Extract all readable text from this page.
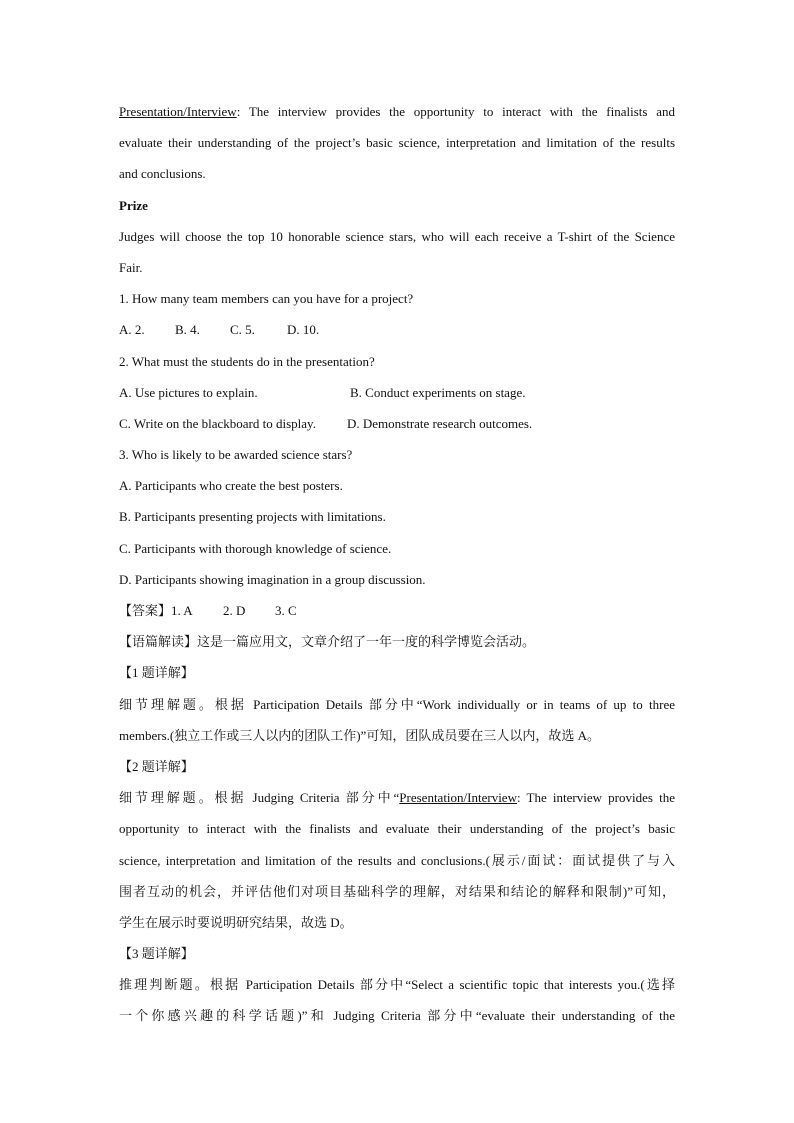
Presentation/Interview: The interview provides the opportunity to interact with the finalists and
evaluate their understanding of the project’s basic science, interpretation and limitation of the results
and conclusions.
Prize
Judges will choose the top 10 honorable science stars, who will each receive a T-shirt of the Science
Fair.
1. How many team members can you have for a project?
A. 2. B. 4. C. 5. D. 10.
2. What must the students do in the presentation?
A. Use pictures to explain.	B. Conduct experiments on stage.
C. Write on the blackboard to display. D. Demonstrate research outcomes.
3. Who is likely to be awarded science stars?
A. Participants who create the best posters.
B. Participants presenting projects with limitations.
C. Participants with thorough knowledge of science.
D. Participants showing imagination in a group discussion.
【答案】1. A 2. D 3. C
【语篇解读】这是一篇应用文，文章介绍了一年一度的科学博览会活动。
【1 题详解】
细节理解题。根据 Participation Details 部分中“Work individually or in teams of up to three
members.(独立工作或三人以内的团队工作)”可知，团队成员要在三人以内，故选 A。
【2 题详解】
细节理解题。根据 Judging Criteria 部分中“Presentation/Interview: The interview provides the
opportunity to interact with the finalists and evaluate their understanding of the project’s basic
science, interpretation and limitation of the results and conclusions.(展示/面试：面试提供了与入
围者互动的机会，并评估他们对项目基础科学的理解，对结果和结论的解释和限制)”可知，
学生在展示时要说明研究结果，故选 D。
【3 题详解】
推理判断题。根据 Participation Details 部分中“Select a scientific topic that interests you.(选择
一个你感兴趣的科学话题)”和 Judging Criteria 部分中“evaluate their understanding of the
